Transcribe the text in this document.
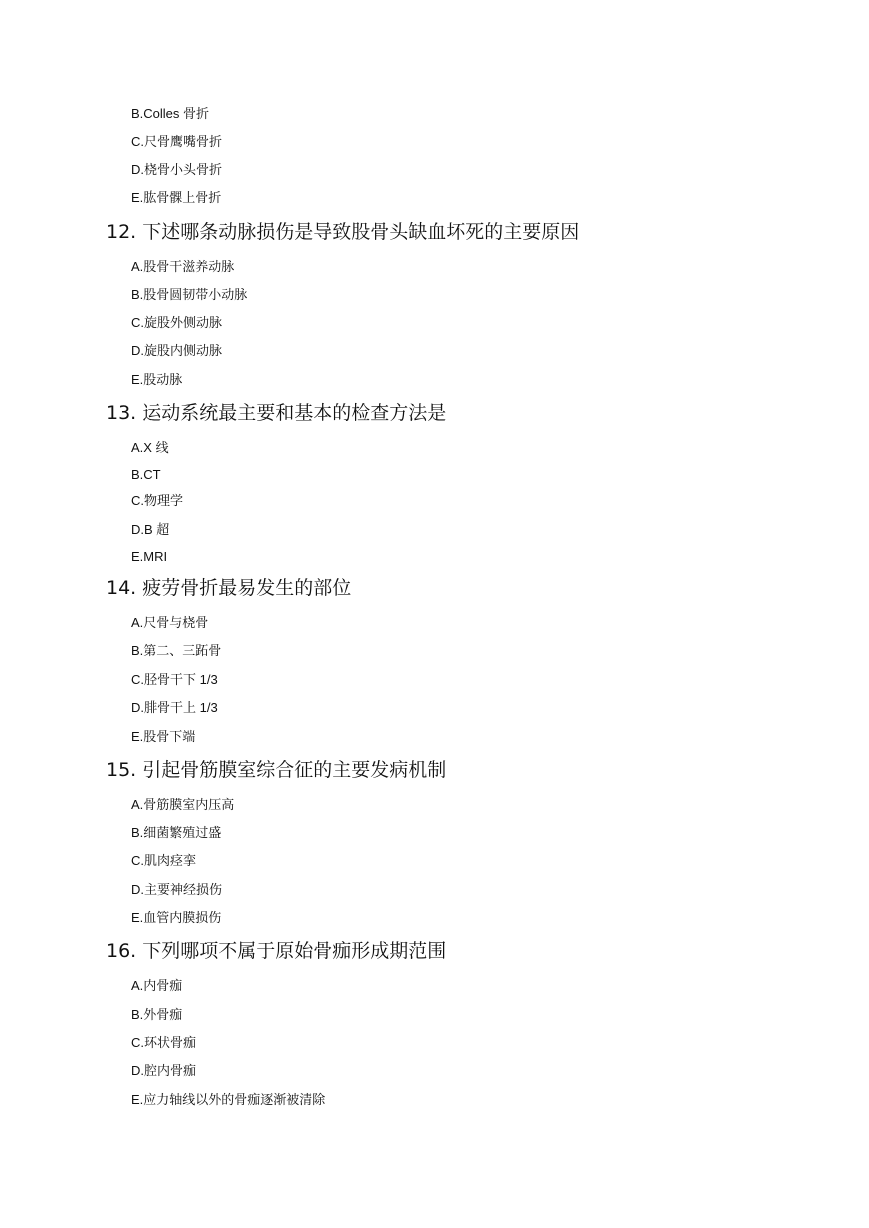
B.Colles 骨折
C.尺骨鹰嘴骨折
D.桡骨小头骨折
E.肱骨髁上骨折
12. 下述哪条动脉损伤是导致股骨头缺血坏死的主要原因
A.股骨干滋养动脉
B.股骨圆韧带小动脉
C.旋股外侧动脉
D.旋股内侧动脉
E.股动脉
13. 运动系统最主要和基本的检查方法是
A.X 线
B.CT
C.物理学
D.B 超
E.MRI
14. 疲劳骨折最易发生的部位
A.尺骨与桡骨
B.第二、三跖骨
C.胫骨干下 1/3
D.腓骨干上 1/3
E.股骨下端
15. 引起骨筋膜室综合征的主要发病机制
A.骨筋膜室内压高
B.细菌繁殖过盛
C.肌肉痉挛
D.主要神经损伤
E.血管内膜损伤
16. 下列哪项不属于原始骨痂形成期范围
A.内骨痂
B.外骨痂
C.环状骨痂
D.腔内骨痂
E.应力轴线以外的骨痂逐渐被清除
